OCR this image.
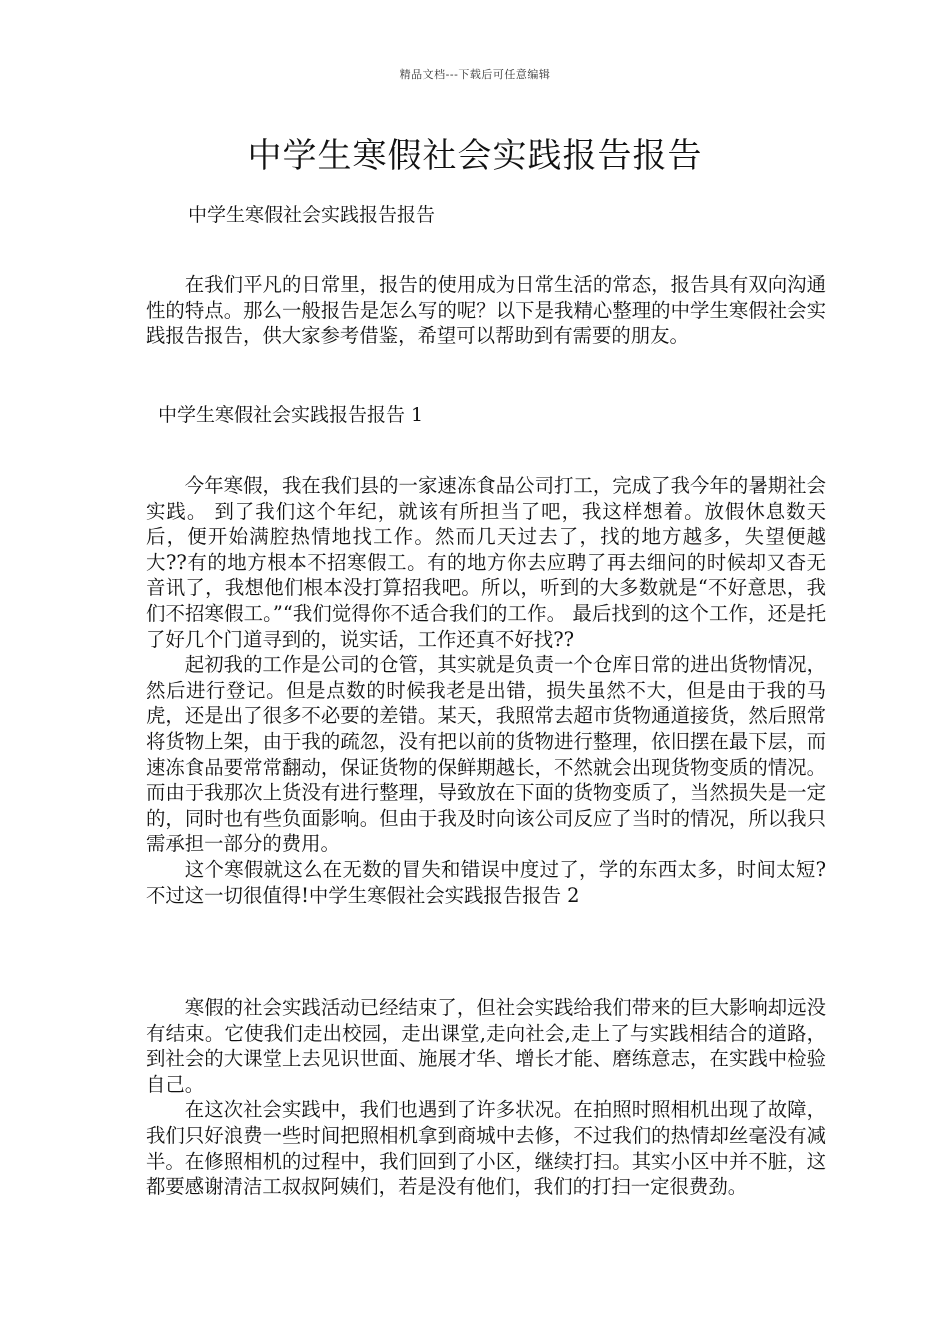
精品文档---下载后可任意编辑
中学生寒假社会实践报告报告
中学生寒假社会实践报告报告

在我们平凡的日常里，报告的使用成为日常生活的常态，报告具有双向沟通性的特点。那么一般报告是怎么写的呢？以下是我精心整理的中学生寒假社会实践报告报告，供大家参考借鉴，希望可以帮助到有需要的朋友。

中学生寒假社会实践报告报告 1

今年寒假，我在我们县的一家速冻食品公司打工，完成了我今年的暑期社会实践。 到了我们这个年纪，就该有所担当了吧，我这样想着。放假休息数天后，便开始满腔热情地找工作。然而几天过去了，找的地方越多，失望便越大??有的地方根本不招寒假工。有的地方你去应聘了再去细问的时候却又杳无音讯了，我想他们根本没打算招我吧。所以，听到的大多数就是“不好意思，我们不招寒假工。”“我们觉得你不适合我们的工作。 最后找到的这个工作，还是托了好几个门道寻到的，说实话，工作还真不好找??

起初我的工作是公司的仓管，其实就是负责一个仓库日常的进出货物情况，然后进行登记。但是点数的时候我老是出错，损失虽然不大，但是由于我的马虎，还是出了很多不必要的差错。某天，我照常去超市货物通道接货，然后照常将货物上架，由于我的疏忽，没有把以前的货物进行整理，依旧摆在最下层，而速冻食品要常常翻动，保证货物的保鲜期越长，不然就会出现货物变质的情况。而由于我那次上货没有进行整理，导致放在下面的货物变质了，当然损失是一定的，同时也有些负面影响。但由于我及时向该公司反应了当时的情况，所以我只需承担一部分的费用。

这个寒假就这么在无数的冒失和错误中度过了，学的东西太多，时间太短?不过这一切很值得!中学生寒假社会实践报告报告 2

寒假的社会实践活动已经结束了，但社会实践给我们带来的巨大影响却远没有结束。它使我们走出校园，走出课堂,走向社会,走上了与实践相结合的道路，到社会的大课堂上去见识世面、施展才华、增长才能、磨练意志，在实践中检验自己。

在这次社会实践中，我们也遇到了许多状况。在拍照时照相机出现了故障，我们只好浪费一些时间把照相机拿到商城中去修，不过我们的热情却丝毫没有减半。在修照相机的过程中，我们回到了小区，继续打扫。其实小区中并不脏，这都要感谢清洁工叔叔阿姨们，若是没有他们，我们的打扫一定很费劲。
